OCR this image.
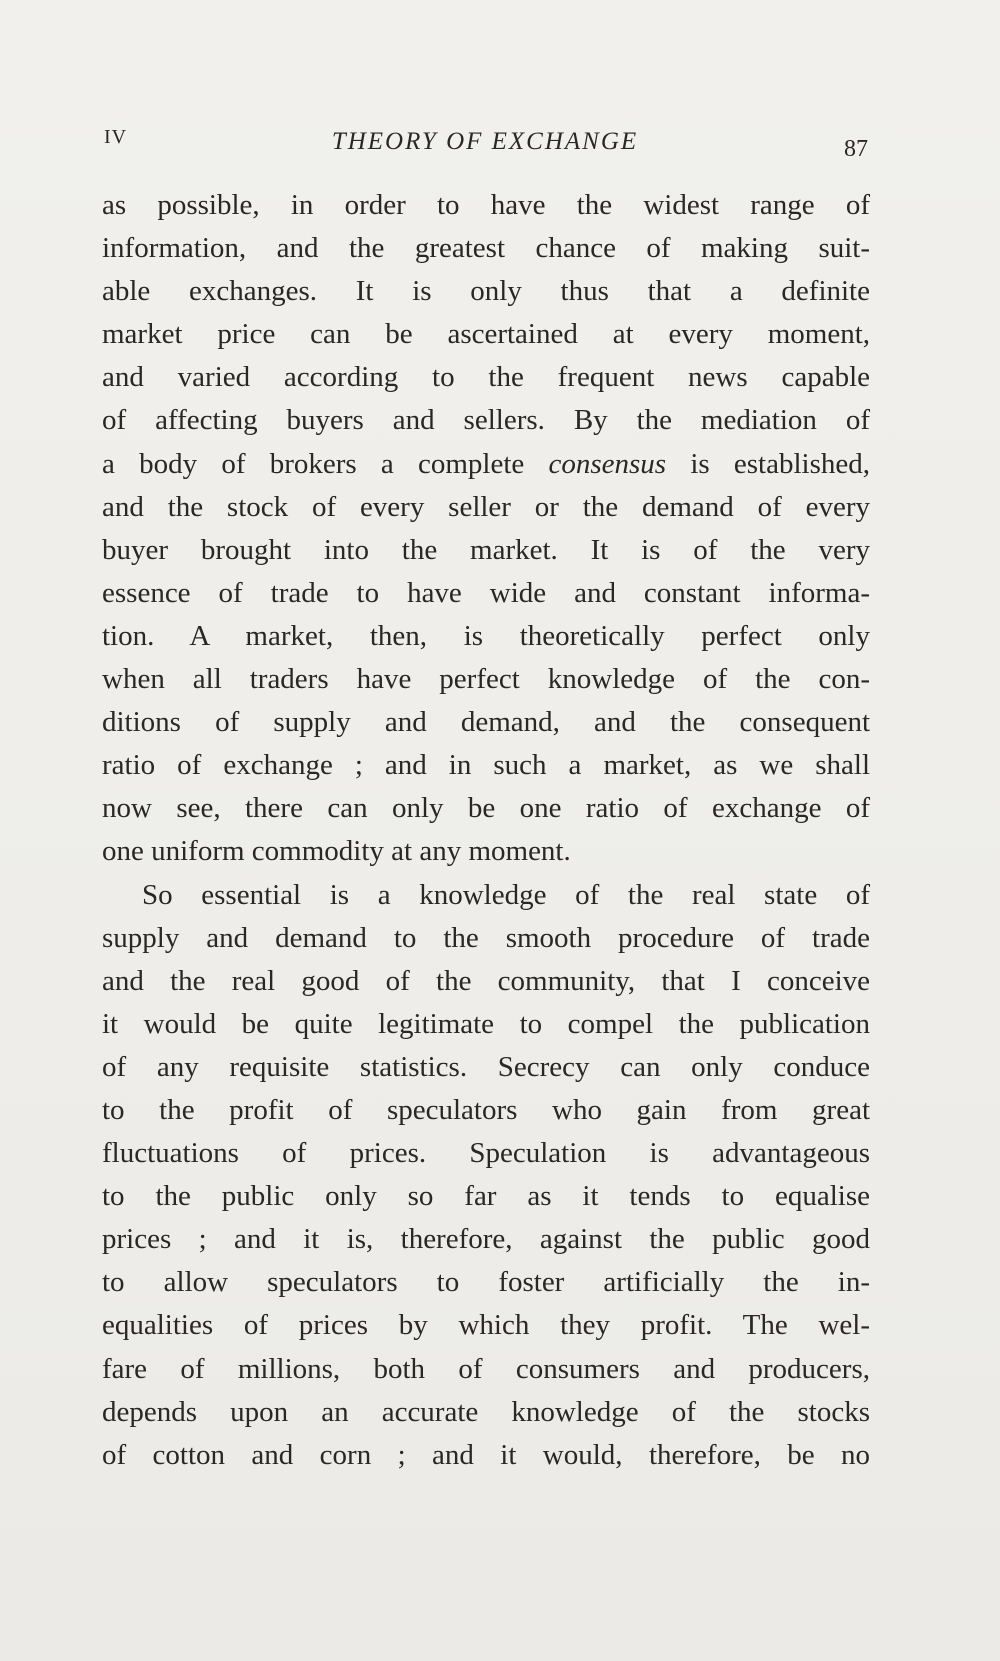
IV	THEORY OF EXCHANGE	87
as possible, in order to have the widest range of
information, and the greatest chance of making suit-
able exchanges. It is only thus that a definite
market price can be ascertained at every moment,
and varied according to the frequent news capable
of affecting buyers and sellers. By the mediation of
a body of brokers a complete consensus is established,
and the stock of every seller or the demand of every
buyer brought into the market. It is of the very
essence of trade to have wide and constant informa-
tion. A market, then, is theoretically perfect only
when all traders have perfect knowledge of the con-
ditions of supply and demand, and the consequent
ratio of exchange ; and in such a market, as we shall
now see, there can only be one ratio of exchange of
one uniform commodity at any moment.
So essential is a knowledge of the real state of
supply and demand to the smooth procedure of trade
and the real good of the community, that I conceive
it would be quite legitimate to compel the publication
of any requisite statistics. Secrecy can only conduce
to the profit of speculators who gain from great
fluctuations of prices. Speculation is advantageous
to the public only so far as it tends to equalise
prices ; and it is, therefore, against the public good
to allow speculators to foster artificially the in-
equalities of prices by which they profit. The wel-
fare of millions, both of consumers and producers,
depends upon an accurate knowledge of the stocks
of cotton and corn ; and it would, therefore, be no
